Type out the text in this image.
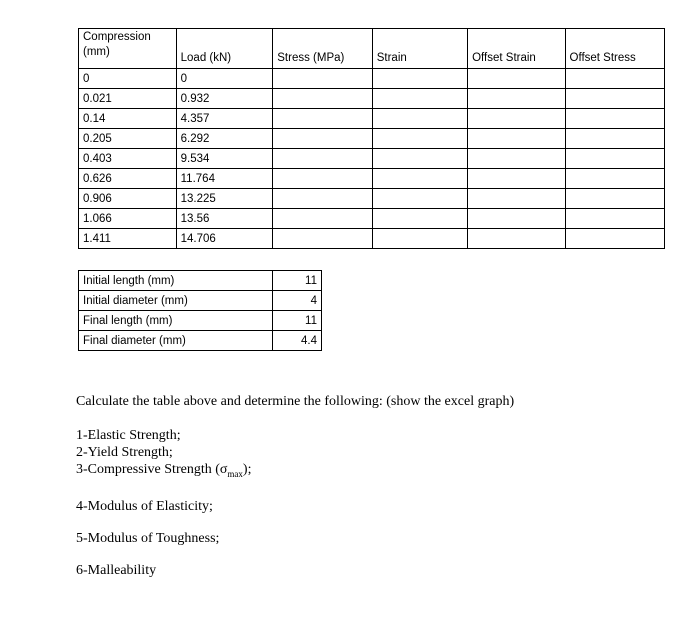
Compression (mm)	Load (kN)	Stress (MPa)	Strain	Offset Strain	Offset Stress
0	0				
0.021	0.932				
0.14	4.357				
0.205	6.292				
0.403	9.534				
0.626	11.764				
0.906	13.225				
1.066	13.56				
1.411	14.706				
Initial length (mm)	11
Initial diameter (mm)	4
Final length (mm)	11
Final diameter (mm)	4.4

Calculate the table above and determine the following: (show the excel graph)

1-Elastic Strength;

2-Yield Strength;

3-Compressive Strength $(\sigma_{max})$;

4-Modulus of Elasticity;

5-Modulus of Toughness;

6-Malleability
